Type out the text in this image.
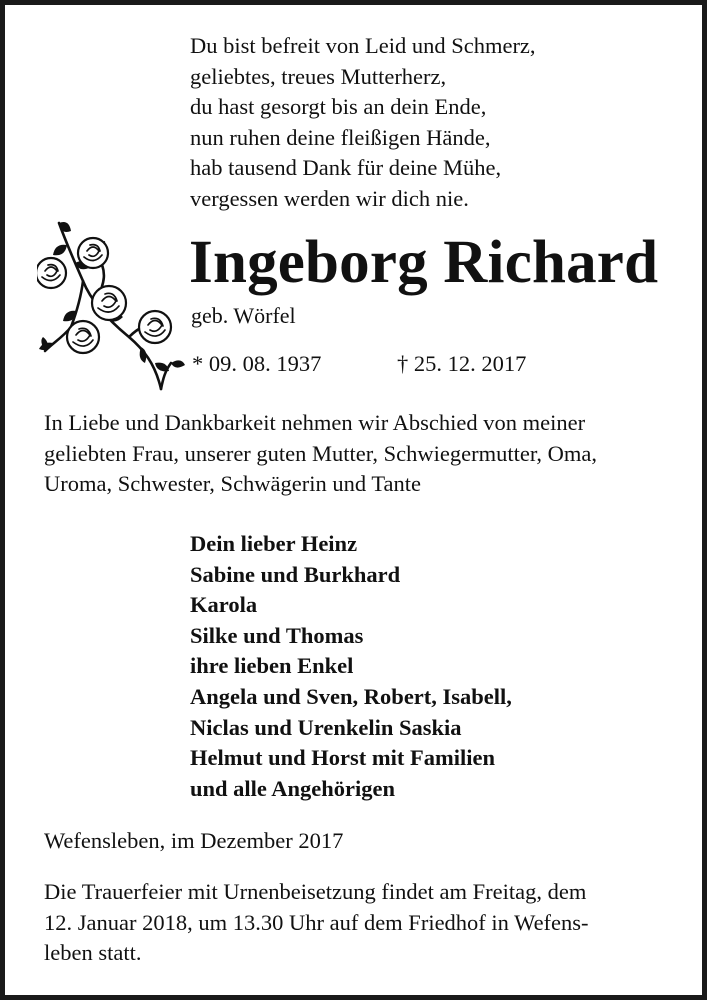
Du bist befreit von Leid und Schmerz,
geliebtes, treues Mutterherz,
du hast gesorgt bis an dein Ende,
nun ruhen deine fleißigen Hände,
hab tausend Dank für deine Mühe,
vergessen werden wir dich nie.
Ingeborg Richard
geb. Wörfel
* 09. 08. 1937	† 25. 12. 2017
In Liebe und Dankbarkeit nehmen wir Abschied von meiner
geliebten Frau, unserer guten Mutter, Schwiegermutter, Oma,
Uroma, Schwester, Schwägerin und Tante
Dein lieber Heinz
Sabine und Burkhard
Karola
Silke und Thomas
ihre lieben Enkel
Angela und Sven, Robert, Isabell,
Niclas und Urenkelin Saskia
Helmut und Horst mit Familien
und alle Angehörigen
Wefensleben, im Dezember 2017
Die Trauerfeier mit Urnenbeisetzung findet am Freitag, dem
12. Januar 2018, um 13.30 Uhr auf dem Friedhof in Wefens-
leben statt.
